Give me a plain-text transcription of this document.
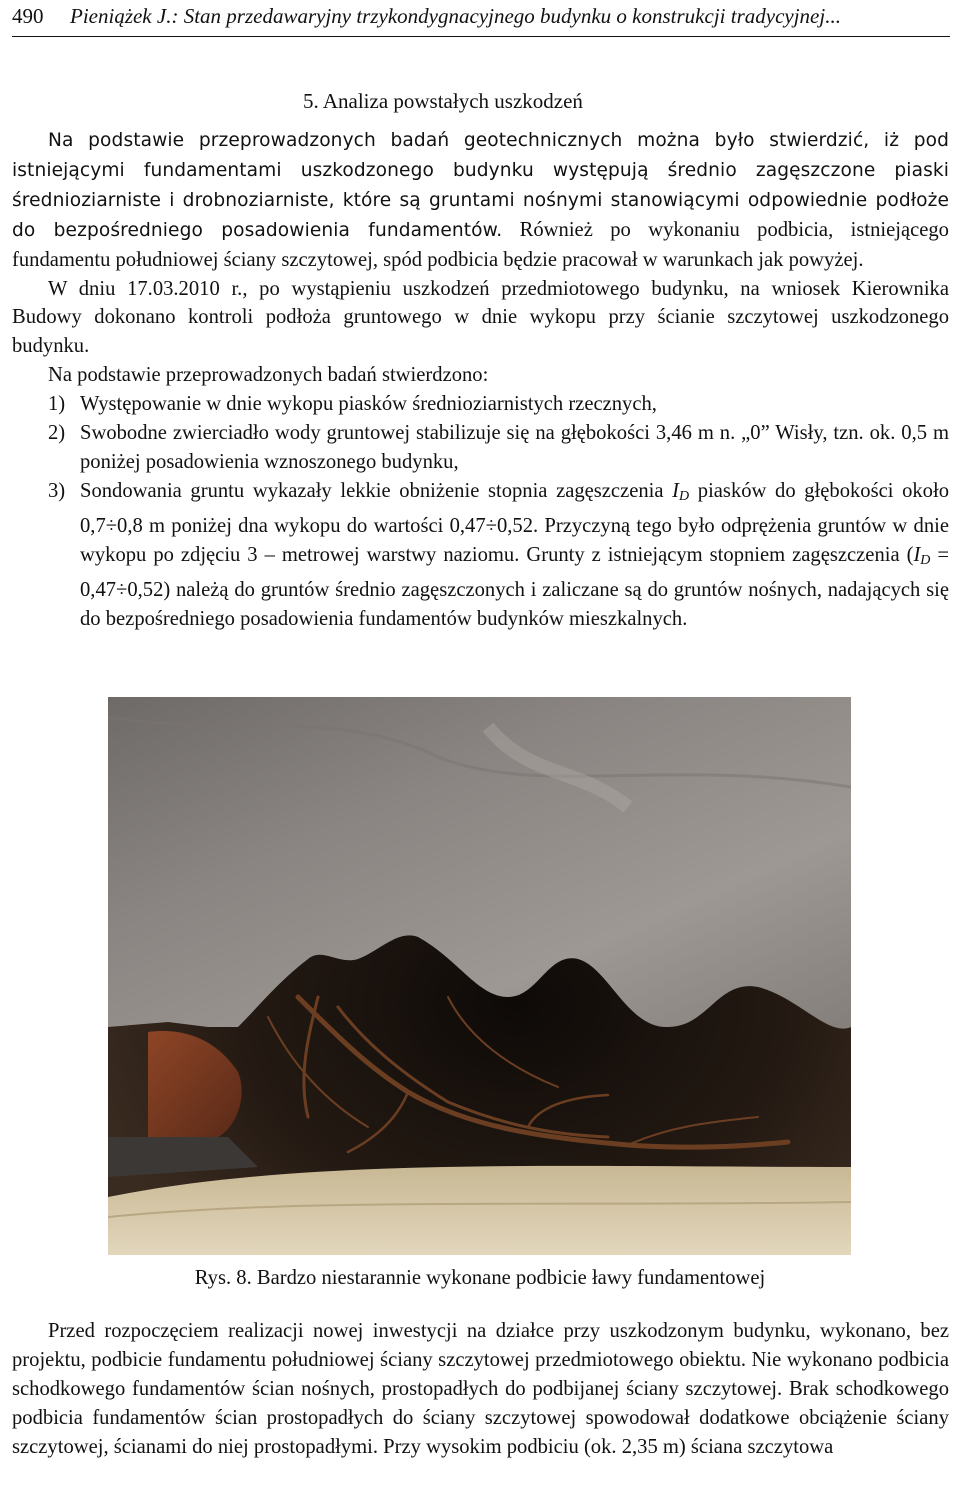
490 Pieniążek J.: Stan przedawaryjny trzykondygnacyjnego budynku o konstrukcji tradycyjnej...
5. Analiza powstałych uszkodzeń

Na podstawie przeprowadzonych badań geotechnicznych można było stwierdzić, iż pod istniejącymi fundamentami uszkodzonego budynku występują średnio zagęszczone piaski średnioziarniste i drobnoziarniste, które są gruntami nośnymi stanowiącymi odpowiednie podłoże do bezpośredniego posadowienia fundamentów. Również po wykonaniu podbicia, istniejącego fundamentu południowej ściany szczytowej, spód podbicia będzie pracował w warunkach jak powyżej.

W dniu 17.03.2010 r., po wystąpieniu uszkodzeń przedmiotowego budynku, na wniosek Kierownika Budowy dokonano kontroli podłoża gruntowego w dnie wykopu przy ścianie szczytowej uszkodzonego budynku.

Na podstawie przeprowadzonych badań stwierdzono:

1) Występowanie w dnie wykopu piasków średnioziarnistych rzecznych,
2) Swobodne zwierciadło wody gruntowej stabilizuje się na głębokości 3,46 m n. „0” Wisły, tzn. ok. 0,5 m poniżej posadowienia wznoszonego budynku,
3) Sondowania gruntu wykazały lekkie obniżenie stopnia zagęszczenia $I_D$ piasków do głębokości około 0,7÷0,8 m poniżej dna wykopu do wartości 0,47÷0,52. Przyczyną tego było odprężenia gruntów w dnie wykopu po zdjęciu 3 – metrowej warstwy naziomu. Grunty z istniejącym stopniem zagęszczenia $(I_D = 0,47\div 0,52)$ należą do gruntów średnio zagęszczonych i zaliczane są do gruntów nośnych, nadających się do bezpośredniego posadowienia fundamentów budynków mieszkalnych.
Rys. 8. Bardzo niestarannie wykonane podbicie ławy fundamentowej

Przed rozpoczęciem realizacji nowej inwestycji na działce przy uszkodzonym budynku, wykonano, bez projektu, podbicie fundamentu południowej ściany szczytowej przedmiotowego obiektu. Nie wykonano podbicia schodkowego fundamentów ścian nośnych, prostopadłych do podbijanej ściany szczytowej. Brak schodkowego podbicia fundamentów ścian prostopadłych do ściany szczytowej spowodował dodatkowe obciążenie ściany szczytowej, ścianami do niej prostopadłymi. Przy wysokim podbiciu (ok. 2,35 m) ściana szczytowa
